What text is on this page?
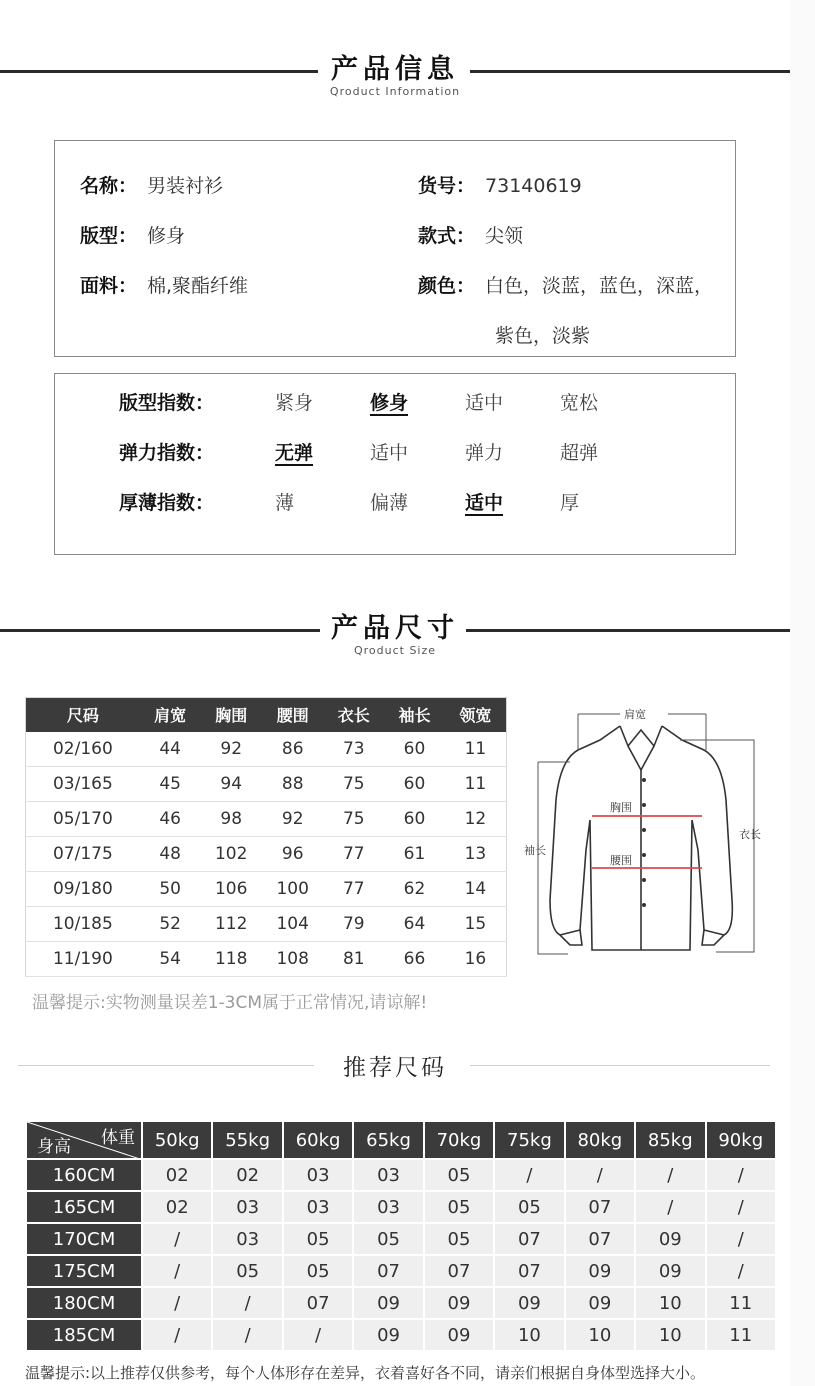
产品信息
Qroduct Information
名称： 男装衬衫	货号： 73140619
版型： 修身	款式： 尖领
面料： 棉,聚酯纤维	颜色： 白色，淡蓝，蓝色，深蓝，
紫色，淡紫
版型指数：	紧身	修身	适中	宽松
弹力指数：	无弹	适中	弹力	超弹
厚薄指数：	薄	偏薄	适中	厚
产品尺寸
Qroduct Size
尺码	肩宽	胸围	腰围	衣长	袖长	领宽
02/160	44	92	86	73	60	11
03/165	45	94	88	75	60	11
05/170	46	98	92	75	60	12
07/175	48	102	96	77	61	13
09/180	50	106	100	77	62	14
10/185	52	112	104	79	64	15
11/190	54	118	108	81	66	16
肩宽
胸围
腰围
袖长
衣长
温馨提示:实物测量误差1-3CM属于正常情况,请谅解!
推荐尺码
体重
身高	50kg	55kg	60kg	65kg	70kg	75kg	80kg	85kg	90kg
160CM	02	02	03	03	05	/	/	/	/
165CM	02	03	03	03	05	05	07	/	/
170CM	/	03	05	05	05	07	07	09	/
175CM	/	05	05	07	07	07	09	09	/
180CM	/	/	07	09	09	09	09	10	11
185CM	/	/	/	09	09	10	10	10	11
温馨提示:以上推荐仅供参考，每个人体形存在差异，衣着喜好各不同，请亲们根据自身体型选择大小。
